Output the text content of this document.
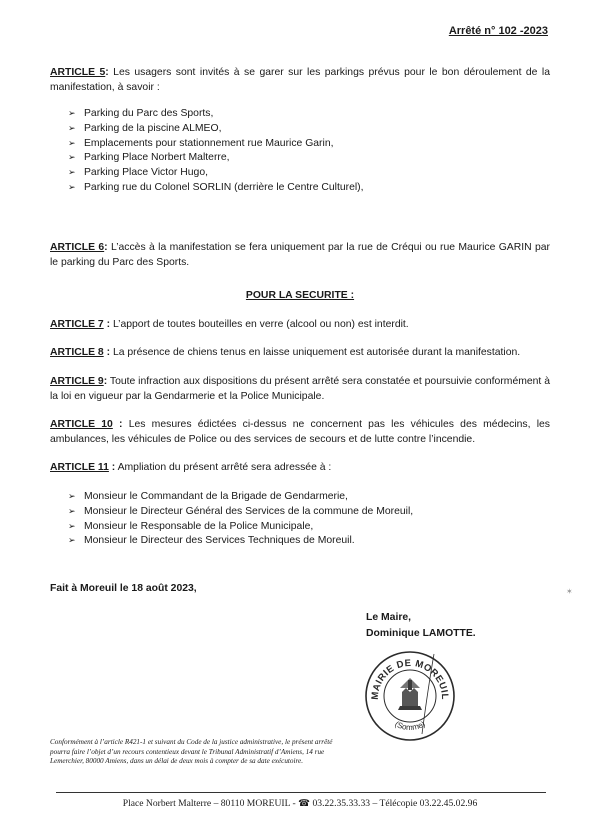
Arrêté n° 102 -2023
ARTICLE 5: Les usagers sont invités à se garer sur les parkings prévus pour le bon déroulement de la manifestation, à savoir :
➢ Parking du Parc des Sports,
➢ Parking de la piscine ALMEO,
➢ Emplacements pour stationnement rue Maurice Garin,
➢ Parking Place Norbert Malterre,
➢ Parking Place Victor Hugo,
➢ Parking rue du Colonel SORLIN (derrière le Centre Culturel),
ARTICLE 6: L’accès à la manifestation se fera uniquement par la rue de Créqui ou rue Maurice GARIN par le parking du Parc des Sports.
POUR LA SECURITE :
ARTICLE 7 : L’apport de toutes bouteilles en verre (alcool ou non) est interdit.
ARTICLE 8 : La présence de chiens tenus en laisse uniquement est autorisée durant la manifestation.
ARTICLE 9: Toute infraction aux dispositions du présent arrêté sera constatée et poursuivie conformément à la loi en vigueur par la Gendarmerie et la Police Municipale.
ARTICLE 10 : Les mesures édictées ci-dessus ne concernent pas les véhicules des médecins, les ambulances, les véhicules de Police ou des services de secours et de lutte contre l’incendie.
ARTICLE 11 : Ampliation du présent arrêté sera adressée à :
➢ Monsieur le Commandant de la Brigade de Gendarmerie,
➢ Monsieur le Directeur Général des Services de la commune de Moreuil,
➢ Monsieur le Responsable de la Police Municipale,
➢ Monsieur le Directeur des Services Techniques de Moreuil.
Fait à Moreuil le 18 août 2023,
Le Maire,
Dominique LAMOTTE.
MAIRIE DE MOREUIL
(Somme)
Conformément à l’article R421-1 et suivant du Code de la justice administrative, le présent arrêté pourra faire l’objet d’un recours contentieux devant le Tribunal Administratif d’Amiens, 14 rue Lemerchier, 80000 Amiens, dans un délai de deux mois à compter de sa date exécutoire.
✶
Place Norbert Malterre – 80110 MOREUIL - ☎ 03.22.35.33.33 – Télécopie 03.22.45.02.96
